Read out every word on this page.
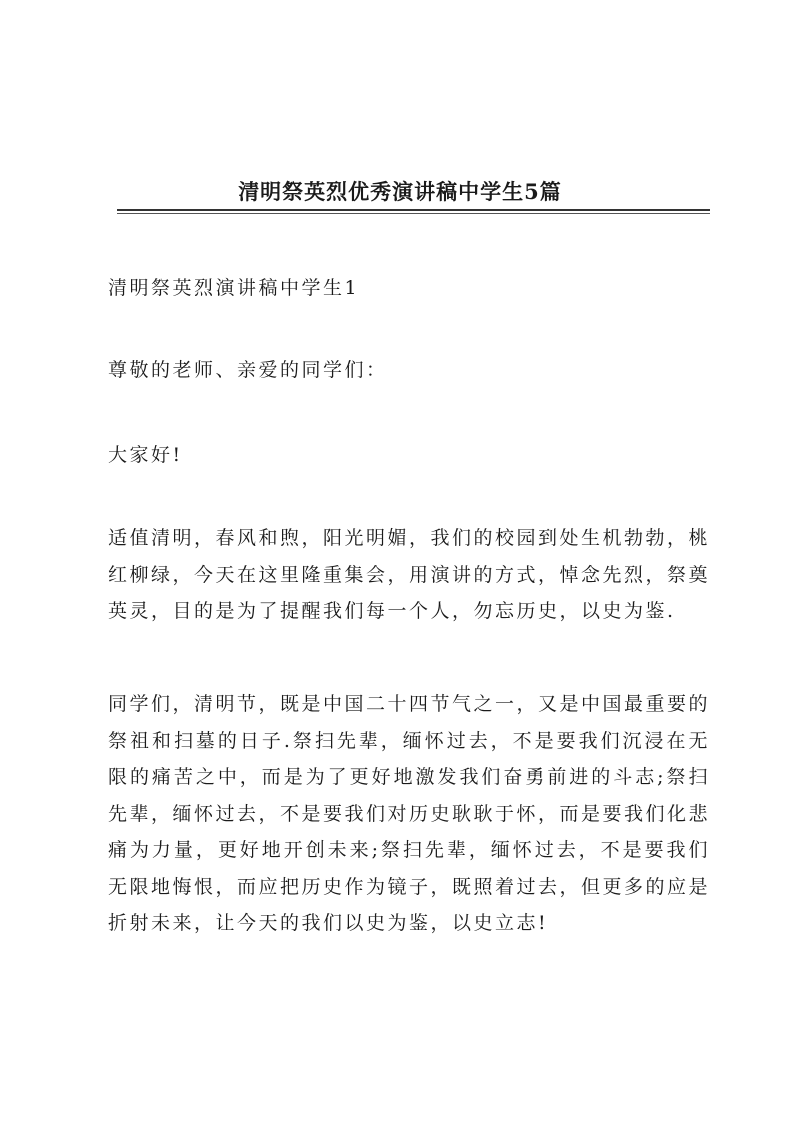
清明祭英烈优秀演讲稿中学生5篇

清明祭英烈演讲稿中学生1

尊敬的老师、亲爱的同学们：

大家好!

适值清明，春风和煦，阳光明媚，我们的校园到处生机勃勃，桃红柳绿，今天在这里隆重集会，用演讲的方式，悼念先烈，祭奠英灵，目的是为了提醒我们每一个人，勿忘历史，以史为鉴.

同学们，清明节，既是中国二十四节气之一，又是中国最重要的祭祖和扫墓的日子.祭扫先辈，缅怀过去，不是要我们沉浸在无限的痛苦之中，而是为了更好地激发我们奋勇前进的斗志;祭扫先辈，缅怀过去，不是要我们对历史耿耿于怀，而是要我们化悲痛为力量，更好地开创未来;祭扫先辈，缅怀过去，不是要我们无限地悔恨，而应把历史作为镜子，既照着过去，但更多的应是折射未来，让今天的我们以史为鉴，以史立志!
